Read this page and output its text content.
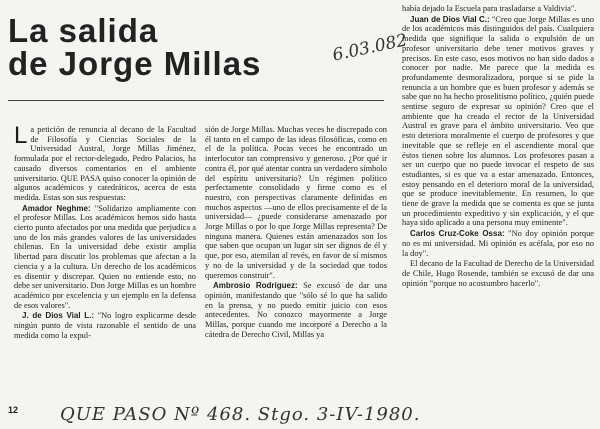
La salida
de Jorge Millas	6.03.082

La petición de renuncia al decano de la Facultad de Filosofía y Ciencias Sociales de la Universidad Austral, Jorge Millas Jiménez, formulada por el rector-delegado, Pedro Palacios, ha causado diversos comentarios en el ambiente universitario. QUE PASA quiso conocer la opinión de algunos académicos y catedráticos, acerca de esta medida. Estas son sus respuestas:

Amador Neghme: "Solidarizo ampliamente con el profesor Millas. Los académicos hemos sido hasta cierto punto afectados por una medida que perjudica a uno de los más grandes valores de las universidades chilenas. En la universidad debe existir amplia libertad para discutir los problemas que afectan a la ciencia y a la cultura. Un derecho de los académicos es disentir y discrepar. Quien no entiende esto, no debe ser universitario. Don Jorge Millas es un hombre académico por excelencia y un ejemplo en la defensa de esos valores".

J. de Dios Vial L.: "No logro explicarme desde ningún punto de vista razonable el sentido de una medida como la expul-

sión de Jorge Millas. Muchas veces he discrepado con él tanto en el campo de las ideas filosóficas, como en el de la política. Pocas veces he encontrado un interlocutor tan comprensivo y generoso. ¿Por qué ir contra él, por qué atentar contra un verdadero símbolo del espíritu universitario? Un régimen político perfectamente consolidado y firme como es el nuestro, con perspectivas claramente definidas en muchos aspectos —uno de ellos precisamente el de la universidad— ¿puede considerarse amenazado por Jorge Millas o por lo que Jorge Millas representa? De ninguna manera. Quienes están amenazados son los que saben que ocupan un lugar sin ser dignos de él y que, por eso, atemilan al revés, en favor de sí mismos y no de la universidad y de la sociedad que todos queremos construir".

Ambrosio Rodríguez: Se excusó de dar una opinión, manifestando que "sólo sé lo que ha salido en la prensa, y no puedo emitir juicio con esos antecedentes. No conozco mayormente a Jorge Millas, porque cuando me incorporé a Derecho a la cátedra de Derecho Civil, Millas ya

había dejado la Escuela para trasladarse a Valdivia".

Juan de Dios Vial C.: "Creo que Jorge Millas es uno de los académicos más distinguidos del país. Cualquiera medida que signifique la salida o expulsión de un profesor universitario debe tener motivos graves y precisos. En este caso, esos motivos no han sido dados a conocer por nadie. Me parece que la medida es profundamente desmoralizadora, porque si se pide la renuncia a un hombre que es buen profesor y además se sabe que no ha hecho proselitismo político, ¿quién puede sentirse seguro de expresar su opinión? Creo que el ambiente que ha creado el rector de la Universidad Austral es grave para el ámbito universitario. Veo que esto deteriora moralmente el cuerpo de profesores y que inevitable que se refleje en el ascendiente moral que éstos tienen sobre los alumnos. Los profesores pasan a ser un cuerpo que no puede invocar el respeto de sus estudiantes, si es que va a estar amenazado. Entonces, estoy pensando en el deterioro moral de la universidad, que se produce inevitablemente. En resumen, lo que tiene de grave la medida que se comenta es que se junta un procedimiento expeditivo y sin explicación, y el que haya sido aplicado a una persona muy eminente".

Carlos Cruz-Coke Ossa: "No doy opinión porque no es mi universidad. Mi opinión es acéfala, por eso no la doy".

El decano de la Facultad de Derecho de la Universidad de Chile, Hugo Rosende, también se excusó de dar una opinión "porque no acostumbro hacerlo".

12 QUE PASO Nº 468. Stgo. 3-IV-1980.
